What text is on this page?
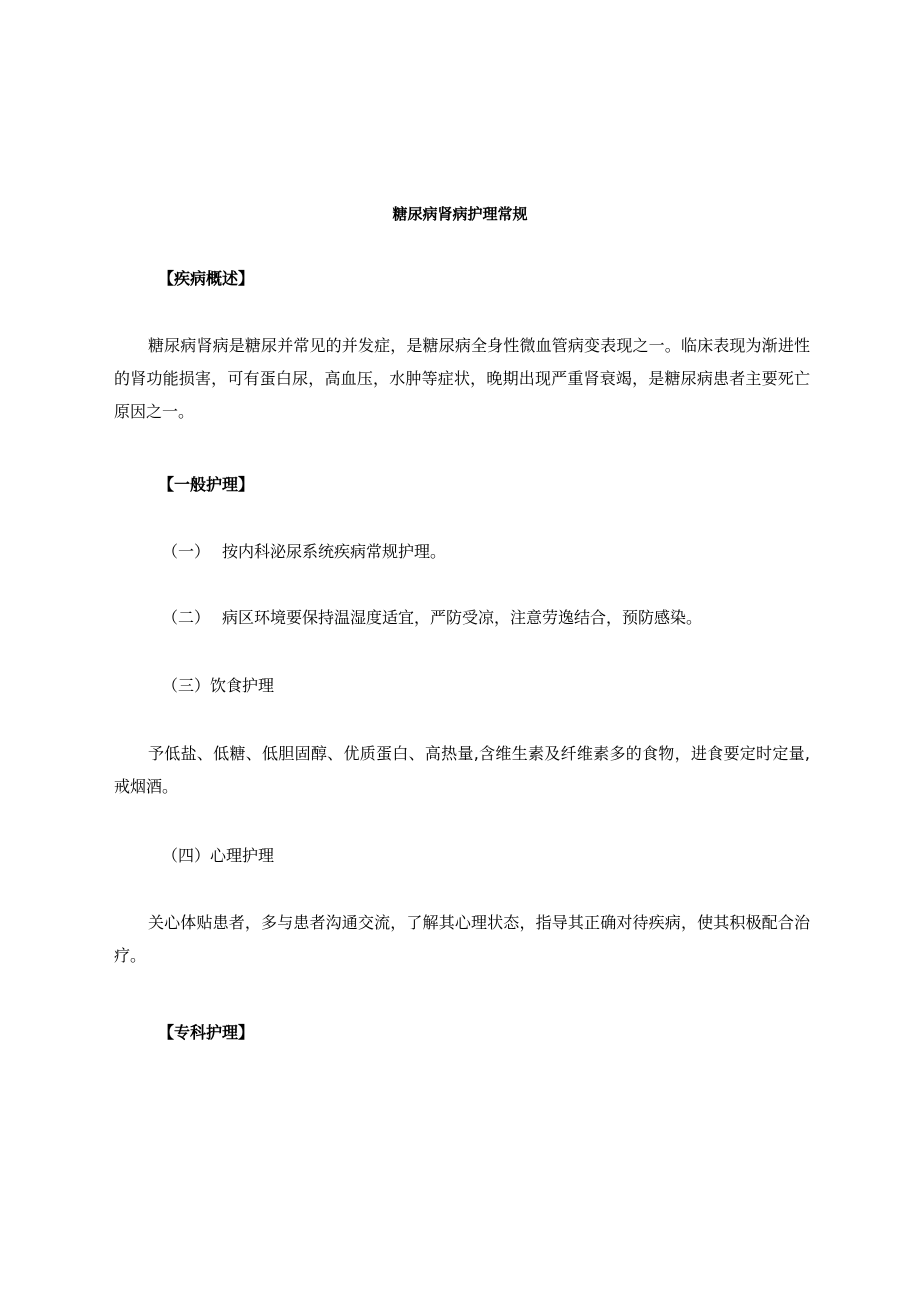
糖尿病肾病护理常规
【疾病概述】
糖尿病肾病是糖尿并常见的并发症，是糖尿病全身性微血管病变表现之一。临床表现为渐进性的肾功能损害，可有蛋白尿，高血压，水肿等症状，晚期出现严重肾衰竭，是糖尿病患者主要死亡原因之一。
【一般护理】
（一） 按内科泌尿系统疾病常规护理。
（二） 病区环境要保持温湿度适宜，严防受凉，注意劳逸结合，预防感染。
（三）饮食护理
予低盐、低糖、低胆固醇、优质蛋白、高热量,含维生素及纤维素多的食物，进食要定时定量,戒烟酒。
（四）心理护理
关心体贴患者，多与患者沟通交流，了解其心理状态，指导其正确对待疾病，使其积极配合治疗。
【专科护理】
